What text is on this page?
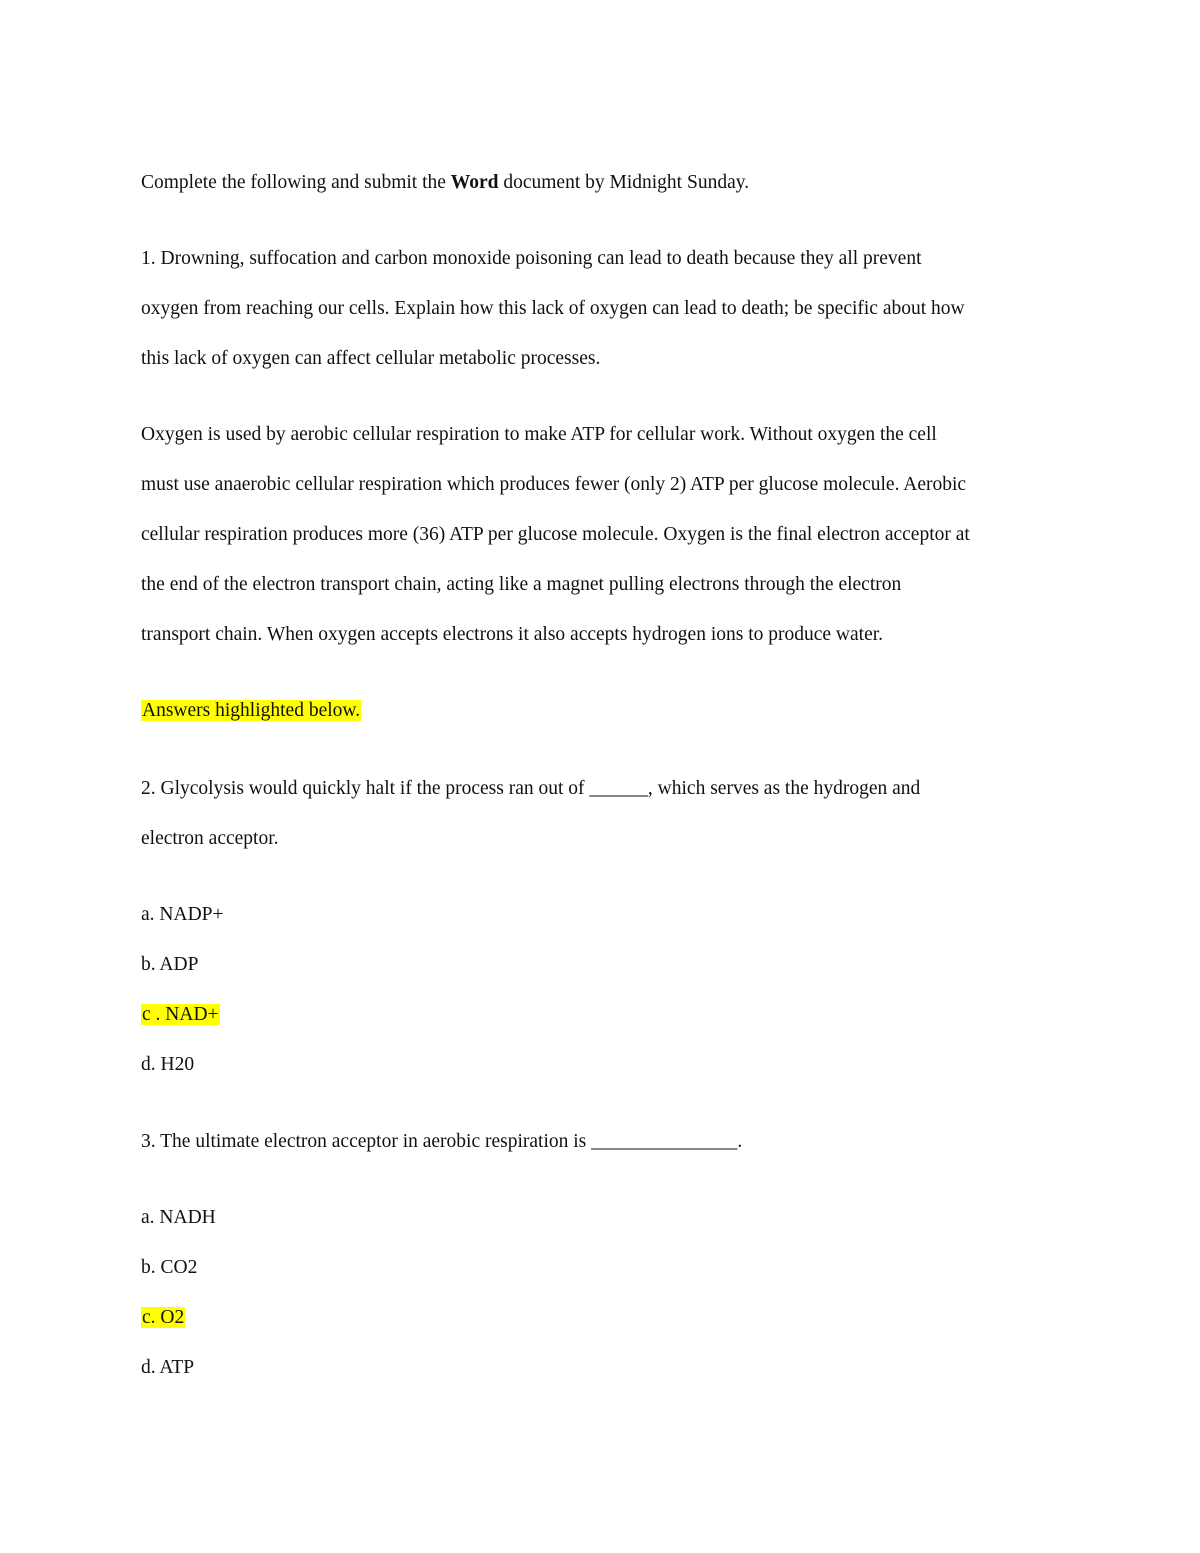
Complete the following and submit the Word document by Midnight Sunday.

1. Drowning, suffocation and carbon monoxide poisoning can lead to death because they all prevent

oxygen from reaching our cells. Explain how this lack of oxygen can lead to death; be specific about how

this lack of oxygen can affect cellular metabolic processes.

Oxygen is used by aerobic cellular respiration to make ATP for cellular work. Without oxygen the cell

must use anaerobic cellular respiration which produces fewer (only 2) ATP per glucose molecule. Aerobic

cellular respiration produces more (36) ATP per glucose molecule. Oxygen is the final electron acceptor at

the end of the electron transport chain, acting like a magnet pulling electrons through the electron

transport chain. When oxygen accepts electrons it also accepts hydrogen ions to produce water.

Answers highlighted below.

2. Glycolysis would quickly halt if the process ran out of ______, which serves as the hydrogen and

electron acceptor.

a. NADP+

b. ADP

c . NAD+

d. H20

3. The ultimate electron acceptor in aerobic respiration is _______________.

a. NADH

b. CO2

c. O2

d. ATP
